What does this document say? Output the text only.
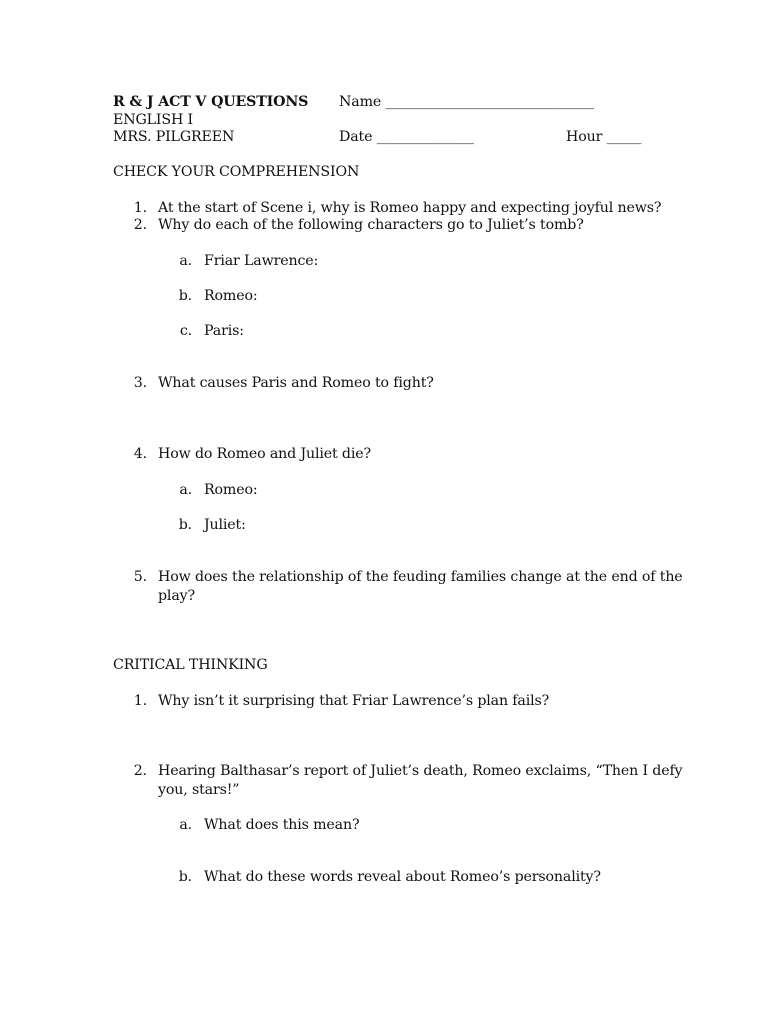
R & J ACT V QUESTIONS Name ______________________________
ENGLISH I
MRS. PILGREEN	Date ______________	Hour _____
CHECK YOUR COMPREHENSION
1. At the start of Scene i, why is Romeo happy and expecting joyful news?
2. Why do each of the following characters go to Juliet’s tomb?
a. Friar Lawrence:
b. Romeo:
c. Paris:
3. What causes Paris and Romeo to fight?
4. How do Romeo and Juliet die?
a. Romeo:
b. Juliet:
5. How does the relationship of the feuding families change at the end of the
play?
CRITICAL THINKING
1. Why isn’t it surprising that Friar Lawrence’s plan fails?
2. Hearing Balthasar’s report of Juliet’s death, Romeo exclaims, “Then I defy
you, stars!”
a. What does this mean?
b. What do these words reveal about Romeo’s personality?
